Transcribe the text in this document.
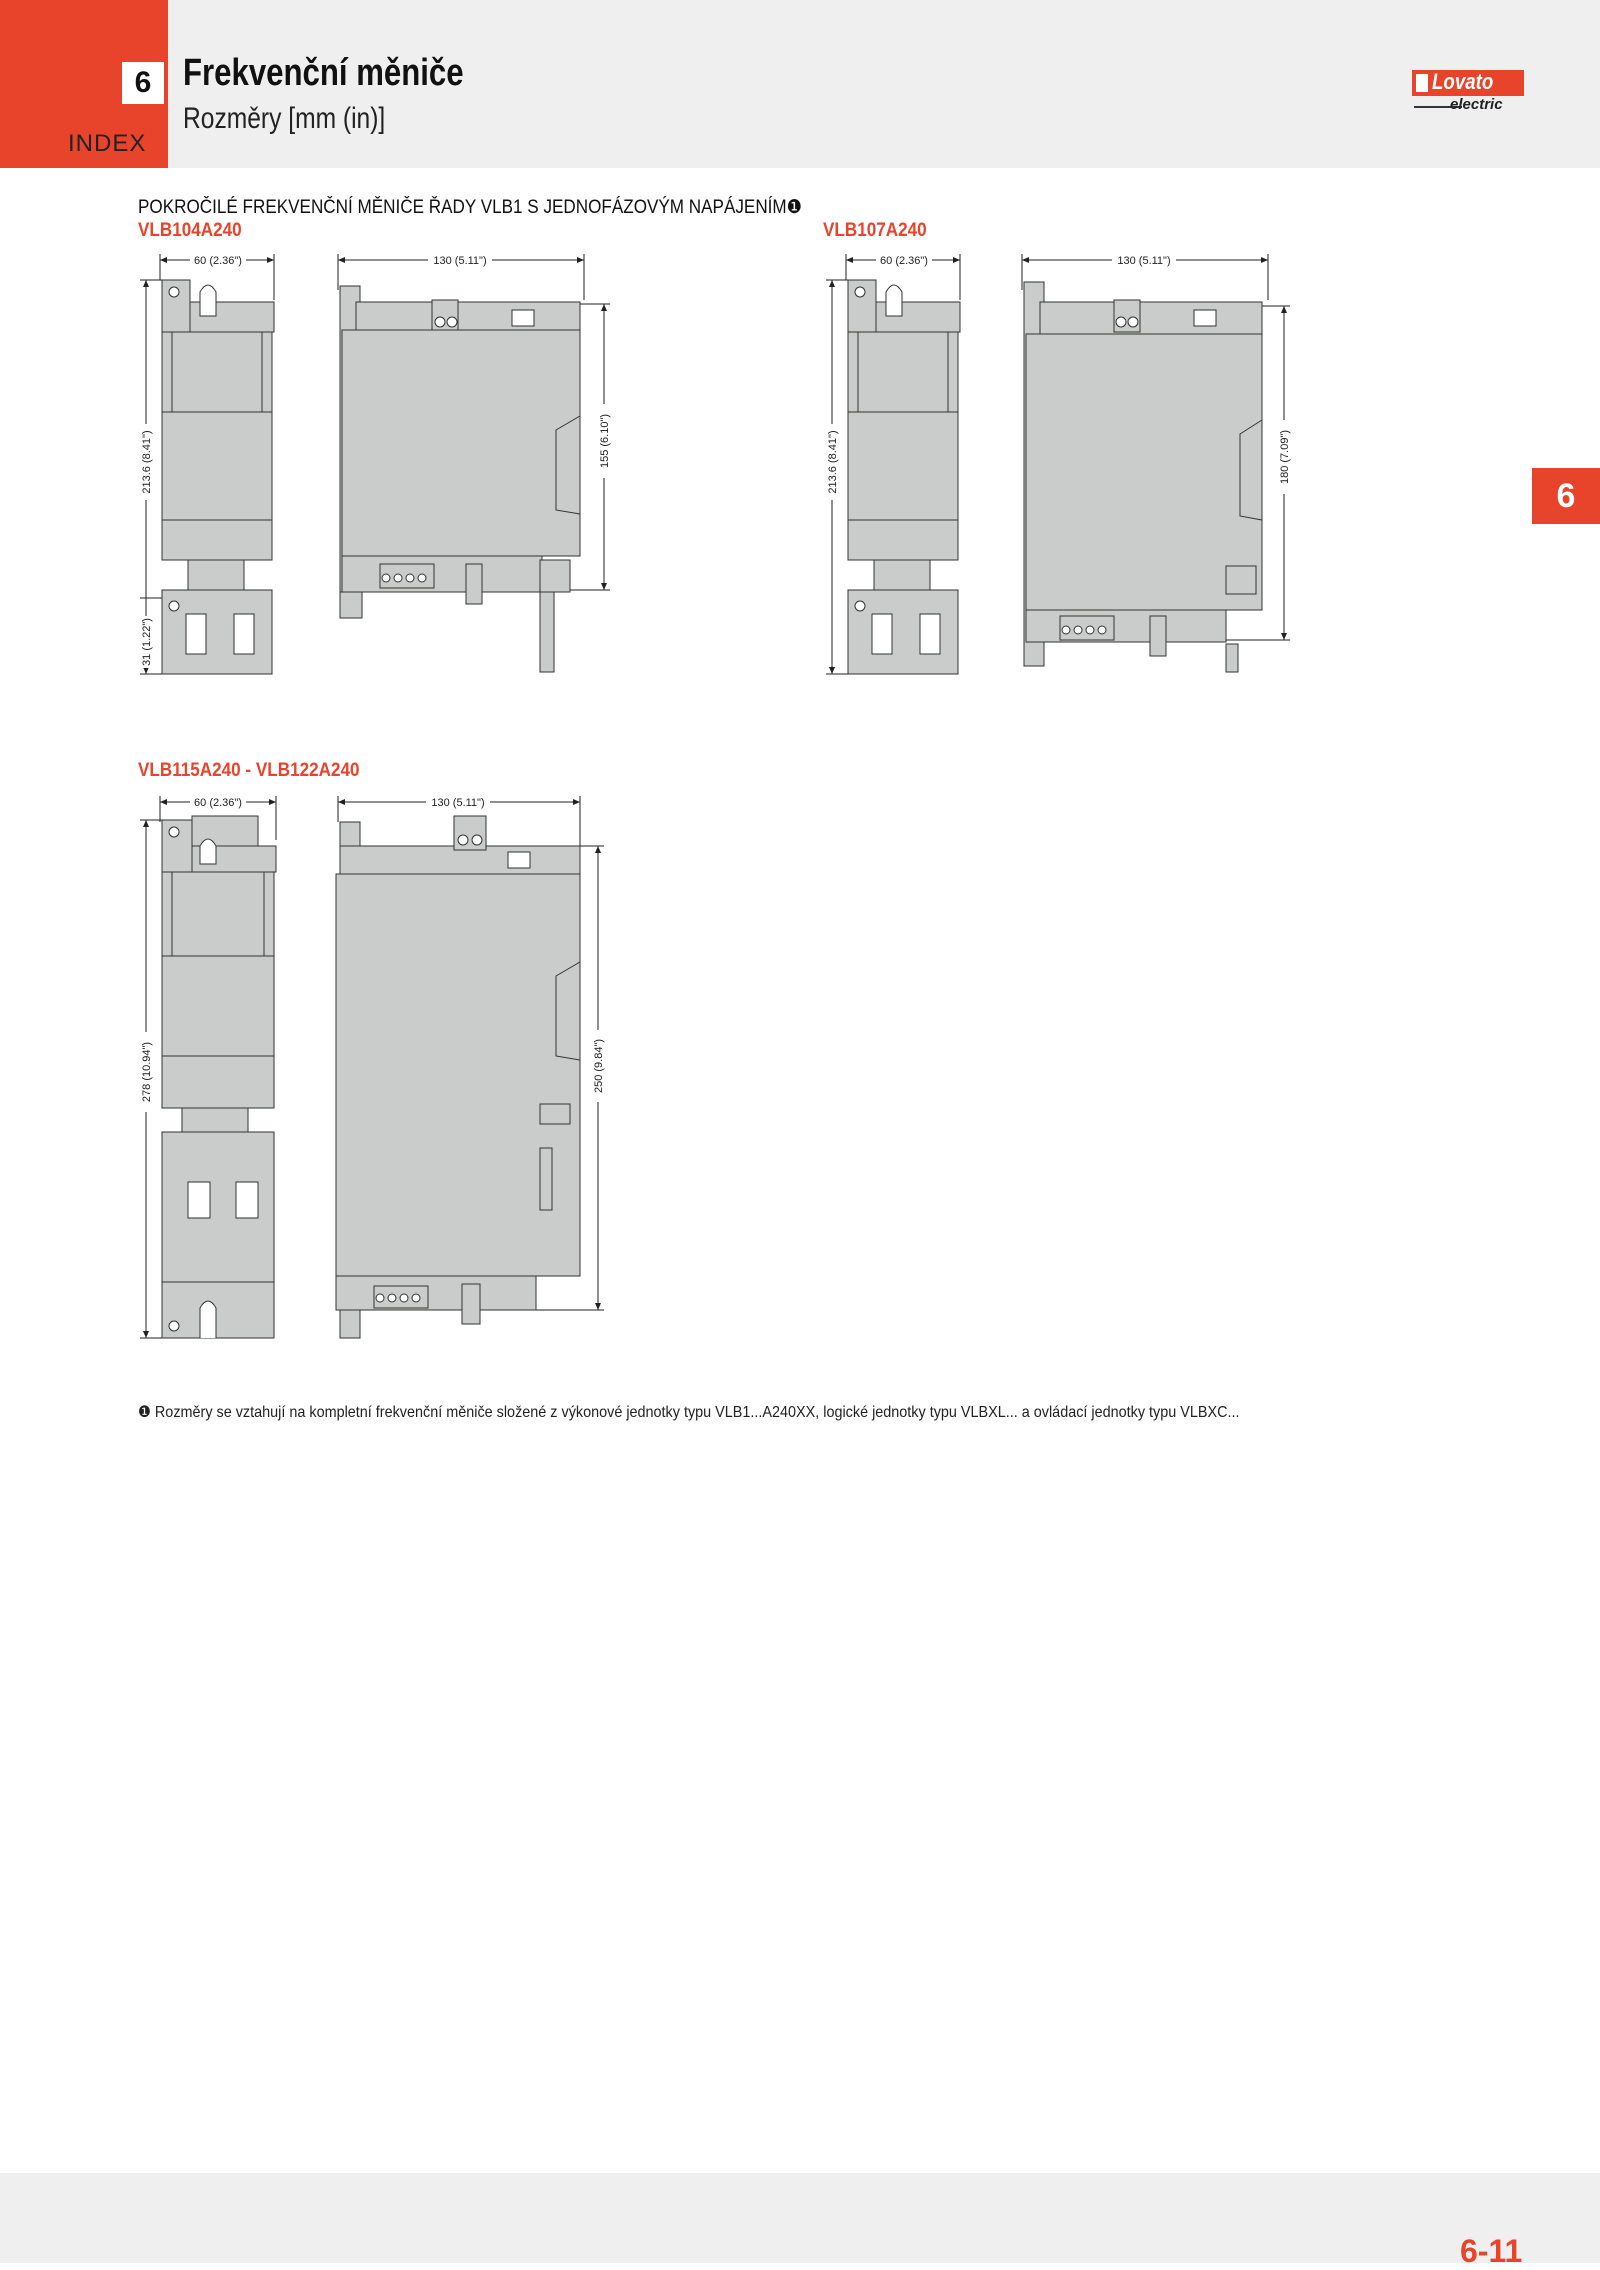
6
INDEX
Frekvenční měniče
Rozměry [mm (in)]
Lovato
electric
6
POKROČILÉ FREKVENČNÍ MĚNIČE ŘADY VLB1 S JEDNOFÁZOVÝM NAPÁJENÍM❶
VLB104A240	VLB107A240
VLB115A240 - VLB122A240
60 (2.36")
213.6 (8.41")
31 (1.22")
130 (5.11")
155 (6.10")
60 (2.36")
213.6 (8.41")
130 (5.11")
180 (7.09")
60 (2.36")
278 (10.94")
130 (5.11")
250 (9.84")
❶ Rozměry se vztahují na kompletní frekvenční měniče složené z výkonové jednotky typu VLB1...A240XX, logické jednotky typu VLBXL... a ovládací jednotky typu VLBXC...
6-11
